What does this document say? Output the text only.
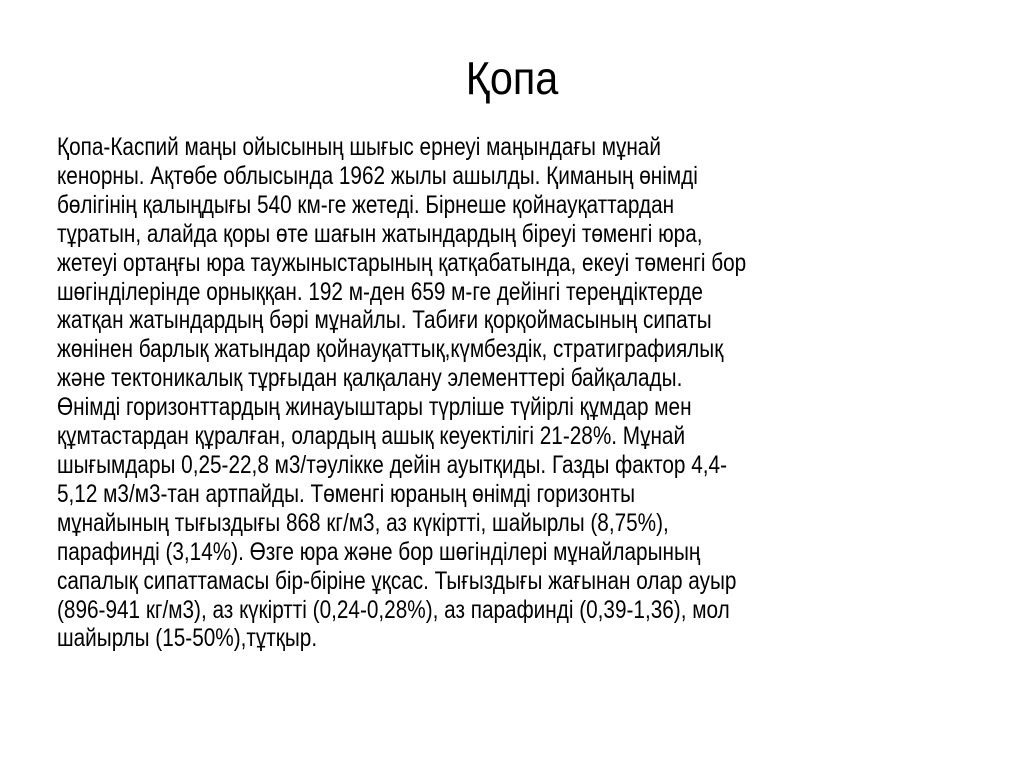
Қопа
Қопа-Каспий маңы ойысының шығыс ернеуі маңындағы мұнай
кенорны. Ақтөбе облысында 1962 жылы ашылды. Қиманың өнімді
бөлігінің қалыңдығы 540 км-ге жетеді. Бірнеше қойнауқаттардан
тұратын, алайда қоры өте шағын жатындардың біреуі төменгі юра,
жетеуі ортаңғы юра таужыныстарының қатқабатында, екеуі төменгі бор
шөгінділерінде орныққан. 192 м-ден 659 м-ге дейінгі тереңдіктерде
жатқан жатындардың бәрі мұнайлы. Табиғи қорқоймасының сипаты
жөнінен барлық жатындар қойнауқаттық,күмбездік, стратиграфиялық
және тектоникалық тұрғыдан қалқалану элементтері байқалады.
Өнімді горизонттардың жинауыштары түрліше түйірлі құмдар мен
құмтастардан құралған, олардың ашық кеуектілігі 21-28%. Мұнай
шығымдары 0,25-22,8 м3/тәулікке дейін ауытқиды. Газды фактор 4,4-
5,12 м3/м3-тан артпайды. Төменгі юраның өнімді горизонты
мұнайының тығыздығы 868 кг/м3, аз күкіртті, шайырлы (8,75%),
парафинді (3,14%). Өзге юра және бор шөгінділері мұнайларының
сапалық сипаттамасы бір-біріне ұқсас. Тығыздығы жағынан олар ауыр
(896-941 кг/м3), аз күкіртті (0,24-0,28%), аз парафинді (0,39-1,36), мол
шайырлы (15-50%),тұтқыр.
